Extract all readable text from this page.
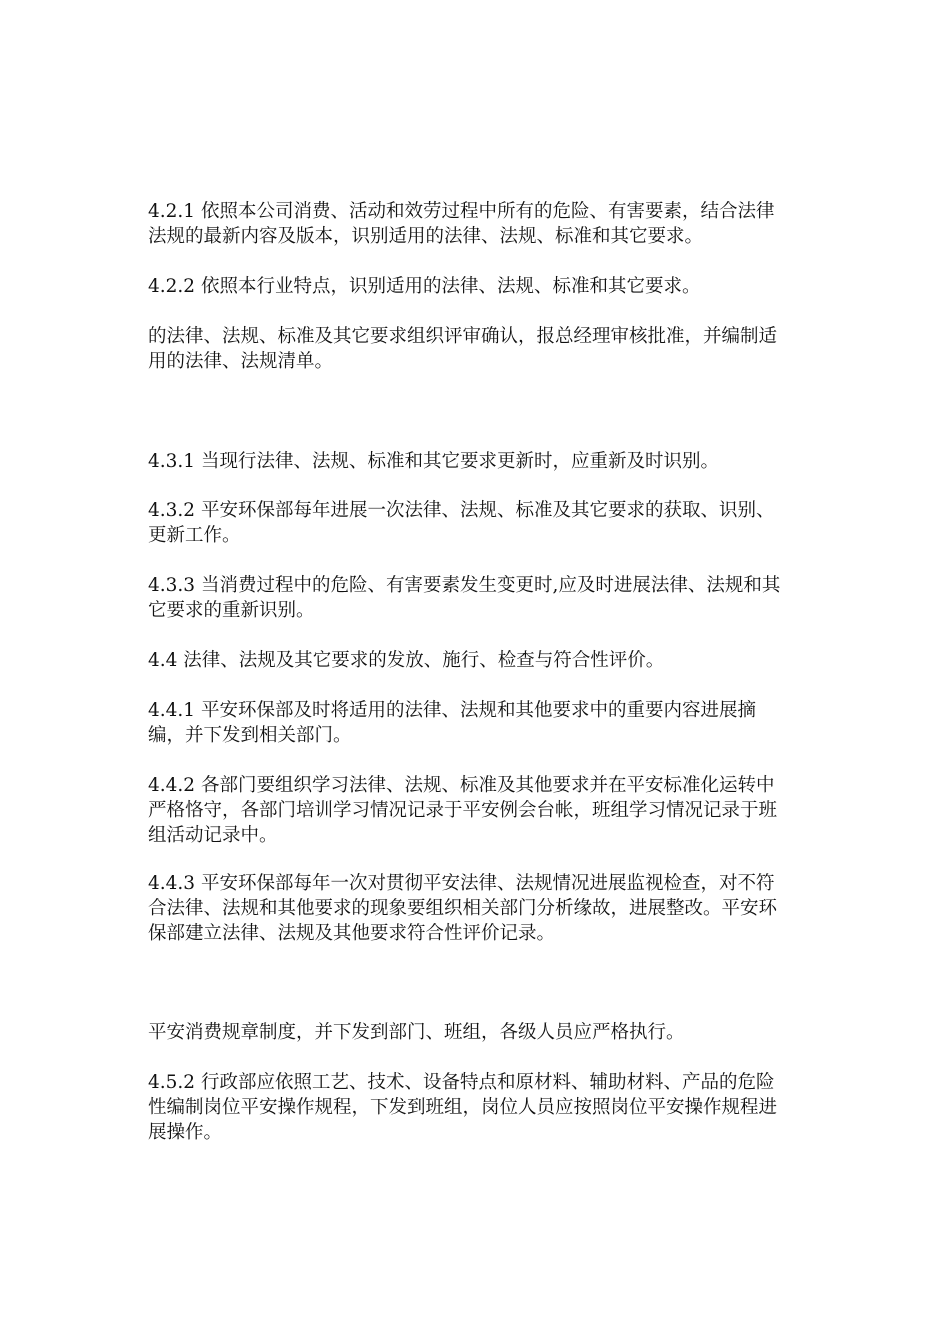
4.2.1 依照本公司消费、活动和效劳过程中所有的危险、有害要素，结合法律
法规的最新内容及版本，识别适用的法律、法规、标准和其它要求。
4.2.2 依照本行业特点，识别适用的法律、法规、标准和其它要求。
的法律、法规、标准及其它要求组织评审确认，报总经理审核批准，并编制适
用的法律、法规清单。
4.3.1 当现行法律、法规、标准和其它要求更新时，应重新及时识别。
4.3.2 平安环保部每年进展一次法律、法规、标准及其它要求的获取、识别、
更新工作。
4.3.3 当消费过程中的危险、有害要素发生变更时,应及时进展法律、法规和其
它要求的重新识别。
4.4 法律、法规及其它要求的发放、施行、检查与符合性评价。
4.4.1 平安环保部及时将适用的法律、法规和其他要求中的重要内容进展摘
编，并下发到相关部门。
4.4.2 各部门要组织学习法律、法规、标准及其他要求并在平安标准化运转中
严格恪守，各部门培训学习情况记录于平安例会台帐，班组学习情况记录于班
组活动记录中。
4.4.3 平安环保部每年一次对贯彻平安法律、法规情况进展监视检查，对不符
合法律、法规和其他要求的现象要组织相关部门分析缘故，进展整改。平安环
保部建立法律、法规及其他要求符合性评价记录。
平安消费规章制度，并下发到部门、班组，各级人员应严格执行。
4.5.2 行政部应依照工艺、技术、设备特点和原材料、辅助材料、产品的危险
性编制岗位平安操作规程，下发到班组，岗位人员应按照岗位平安操作规程进
展操作。
